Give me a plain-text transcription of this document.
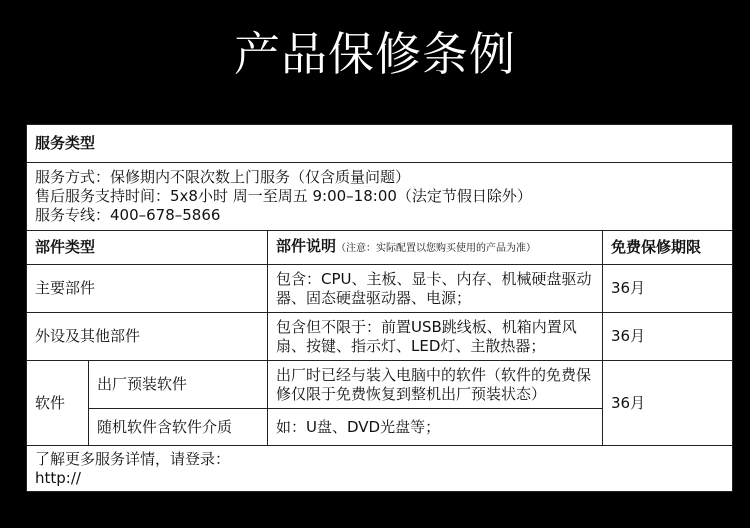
产品保修条例
服务类型			

服务方式：保修期内不限次数上门服务（仅含质量问题）
售后服务支持时间：5x8小时 周一至周五 9:00–18:00（法定节假日除外）
服务专线：400–678–5866			

部件类型		部件说明（注意：实际配置以您购买使用的产品为准）	免费保修期限
主要部件		包含：CPU、主板、显卡、内存、机械硬盘驱动器、固态硬盘驱动器、电源；	36月
外设及其他部件		包含但不限于：前置USB跳线板、机箱内置风扇、按键、指示灯、LED灯、主散热器；	36月
软件	出厂预装软件	出厂时已经与装入电脑中的软件（软件的免费保修仅限于免费恢复到整机出厂预装状态）	36月
	随机软件含软件介质	如：U盘、DVD光盘等；	

了解更多服务详情，请登录：
http://			
